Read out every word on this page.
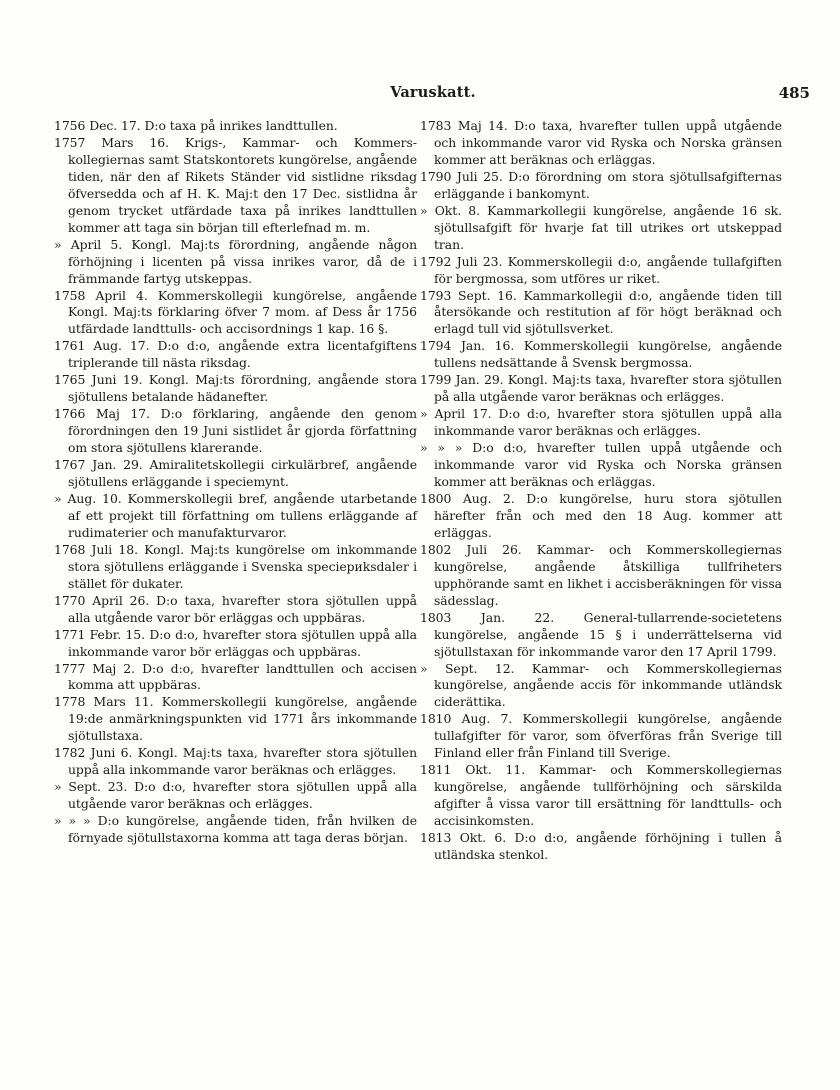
Varuskatt.	485

1756 Dec. 17. D:o taxa på inrikes landttullen.

1757 Mars 16. Krigs-, Kammar- och Kommers-kollegiernas samt Statskontorets kungörelse, angående tiden, när den af Rikets Ständer vid sistlidne riksdag öfversedda och af H. K. Maj:t den 17 Dec. sistlidna år genom trycket utfärdade taxa på inrikes landttullen kommer att taga sin början till efterlefnad m. m.

» April 5. Kongl. Maj:ts förordning, angående någon förhöjning i licenten på vissa inrikes varor, då de i främmande fartyg utskeppas.

1758 April 4. Kommerskollegii kungörelse, angående Kongl. Maj:ts förklaring öfver 7 mom. af Dess år 1756 utfärdade landttulls- och accisordnings 1 kap. 16 §.

1761 Aug. 17. D:o d:o, angående extra licentafgiftens triplerande till nästa riksdag.

1765 Juni 19. Kongl. Maj:ts förordning, angående stora sjötullens betalande hädanefter.

1766 Maj 17. D:o förklaring, angående den genom förordningen den 19 Juni sistlidet år gjorda författning om stora sjötullens klarerande.

1767 Jan. 29. Amiralitetskollegii cirkulärbref, angående sjötullens erläggande i speciemynt.

» Aug. 10. Kommerskollegii bref, angående utarbetande af ett projekt till författning om tullens erläggande af rudimaterier och manufakturvaror.

1768 Juli 18. Kongl. Maj:ts kungörelse om inkommande stora sjötullens erläggande i Svenska speciериksdaler i stället för dukater.

1770 April 26. D:o taxa, hvarefter stora sjötullen uppå alla utgående varor bör erläggas och uppbäras.

1771 Febr. 15. D:o d:o, hvarefter stora sjötullen uppå alla inkommande varor bör erläggas och uppbäras.

1777 Maj 2. D:o d:o, hvarefter landttullen och accisen komma att uppbäras.

1778 Mars 11. Kommerskollegii kungörelse, angående 19:de anmärkningspunkten vid 1771 års inkommande sjötullstaxa.

1782 Juni 6. Kongl. Maj:ts taxa, hvarefter stora sjötullen uppå alla inkommande varor beräknas och erlägges.

» Sept. 23. D:o d:o, hvarefter stora sjötullen uppå alla utgående varor beräknas och erlägges.

» » » D:o kungörelse, angående tiden, från hvilken de förnyade sjötullstaxorna komma att taga deras början.

1783 Maj 14. D:o taxa, hvarefter tullen uppå utgående och inkommande varor vid Ryska och Norska gränsen kommer att beräknas och erläggas.

1790 Juli 25. D:o förordning om stora sjötullsafgifternas erläggande i bankomynt.

» Okt. 8. Kammarkollegii kungörelse, angående 16 sk. sjötullsafgift för hvarje fat till utrikes ort utskeppad tran.

1792 Juli 23. Kommerskollegii d:o, angående tullafgiften för bergmossa, som utföres ur riket.

1793 Sept. 16. Kammarkollegii d:o, angående tiden till återsökande och restitution af för högt beräknad och erlagd tull vid sjötullsverket.

1794 Jan. 16. Kommerskollegii kungörelse, angående tullens nedsättande å Svensk bergmossa.

1799 Jan. 29. Kongl. Maj:ts taxa, hvarefter stora sjötullen på alla utgående varor beräknas och erlägges.

» April 17. D:o d:o, hvarefter stora sjötullen uppå alla inkommande varor beräknas och erlägges.

» » » D:o d:o, hvarefter tullen uppå utgående och inkommande varor vid Ryska och Norska gränsen kommer att beräknas och erläggas.

1800 Aug. 2. D:o kungörelse, huru stora sjötullen härefter från och med den 18 Aug. kommer att erläggas.

1802 Juli 26. Kammar- och Kommerskollegiernas kungörelse, angående åtskilliga tullfriheters upphörande samt en likhet i accisberäkningen för vissa sädesslag.

1803 Jan. 22. General-tullarrende-societetens kungörelse, angående 15 § i underrättelserna vid sjötullstaxan för inkommande varor den 17 April 1799.

» Sept. 12. Kammar- och Kommerskollegiernas kungörelse, angående accis för inkommande utländsk ciderättika.

1810 Aug. 7. Kommerskollegii kungörelse, angående tullafgifter för varor, som öfverföras från Sverige till Finland eller från Finland till Sverige.

1811 Okt. 11. Kammar- och Kommerskollegiernas kungörelse, angående tullförhöjning och särskilda afgifter å vissa varor till ersättning för landttulls- och accisinkomsten.

1813 Okt. 6. D:o d:o, angående förhöjning i tullen å utländska stenkol.
